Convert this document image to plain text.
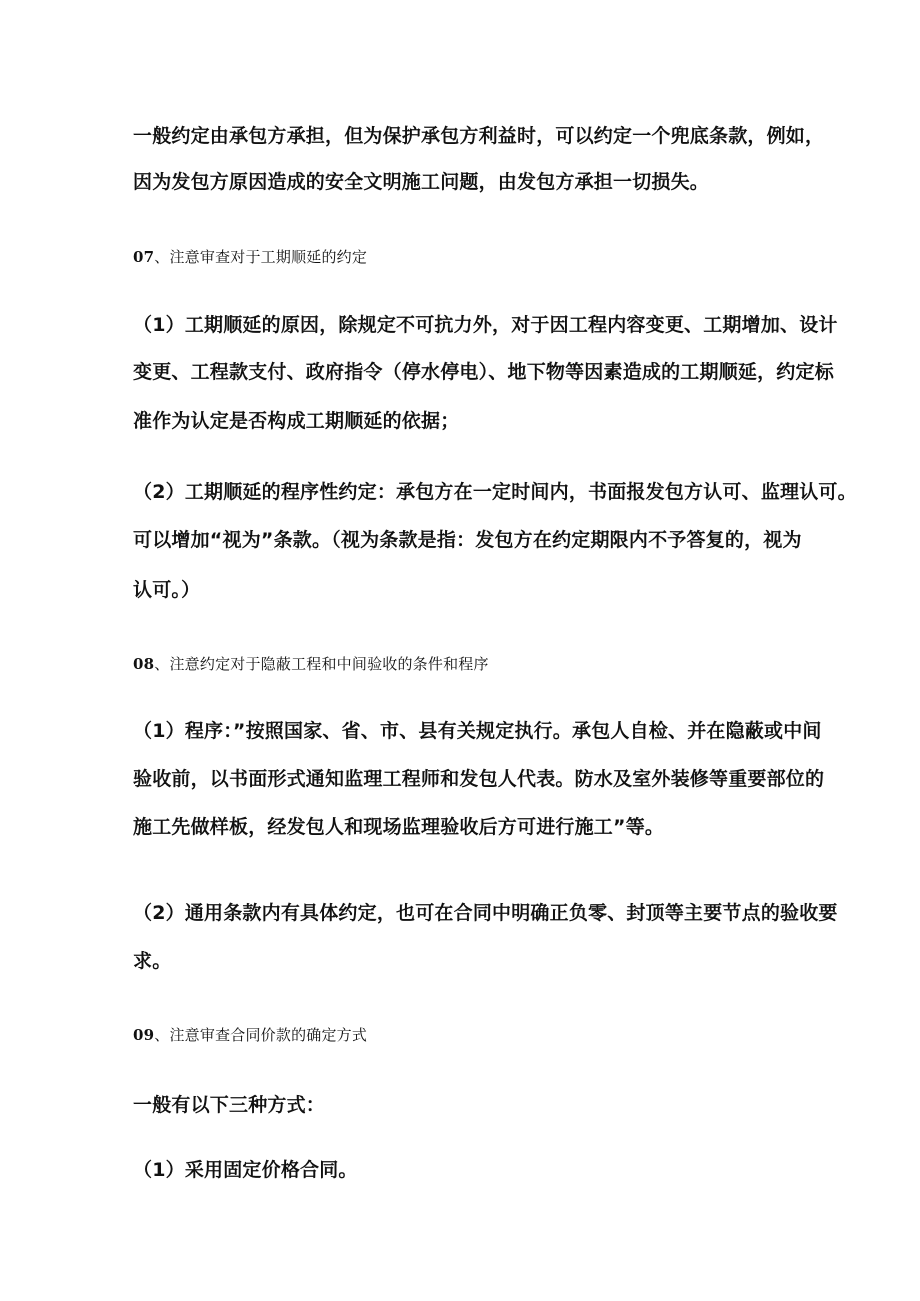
一般约定由承包方承担，但为保护承包方利益时，可以约定一个兜底条款，例如，
因为发包方原因造成的安全文明施工问题，由发包方承担一切损失。
07、注意审查对于工期顺延的约定
（1）工期顺延的原因，除规定不可抗力外，对于因工程内容变更、工期增加、设计
变更、工程款支付、政府指令（停水停电）、地下物等因素造成的工期顺延，约定标
准作为认定是否构成工期顺延的依据；
（2）工期顺延的程序性约定：承包方在一定时间内，书面报发包方认可、监理认可。
可以增加“视为”条款。（视为条款是指：发包方在约定期限内不予答复的，视为
认可。）
08、注意约定对于隐蔽工程和中间验收的条件和程序
（1）程序：”按照国家、省、市、县有关规定执行。承包人自检、并在隐蔽或中间
验收前，以书面形式通知监理工程师和发包人代表。防水及室外装修等重要部位的
施工先做样板，经发包人和现场监理验收后方可进行施工”等。
（2）通用条款内有具体约定，也可在合同中明确正负零、封顶等主要节点的验收要
求。
09、注意审查合同价款的确定方式
一般有以下三种方式：
（1）采用固定价格合同。
